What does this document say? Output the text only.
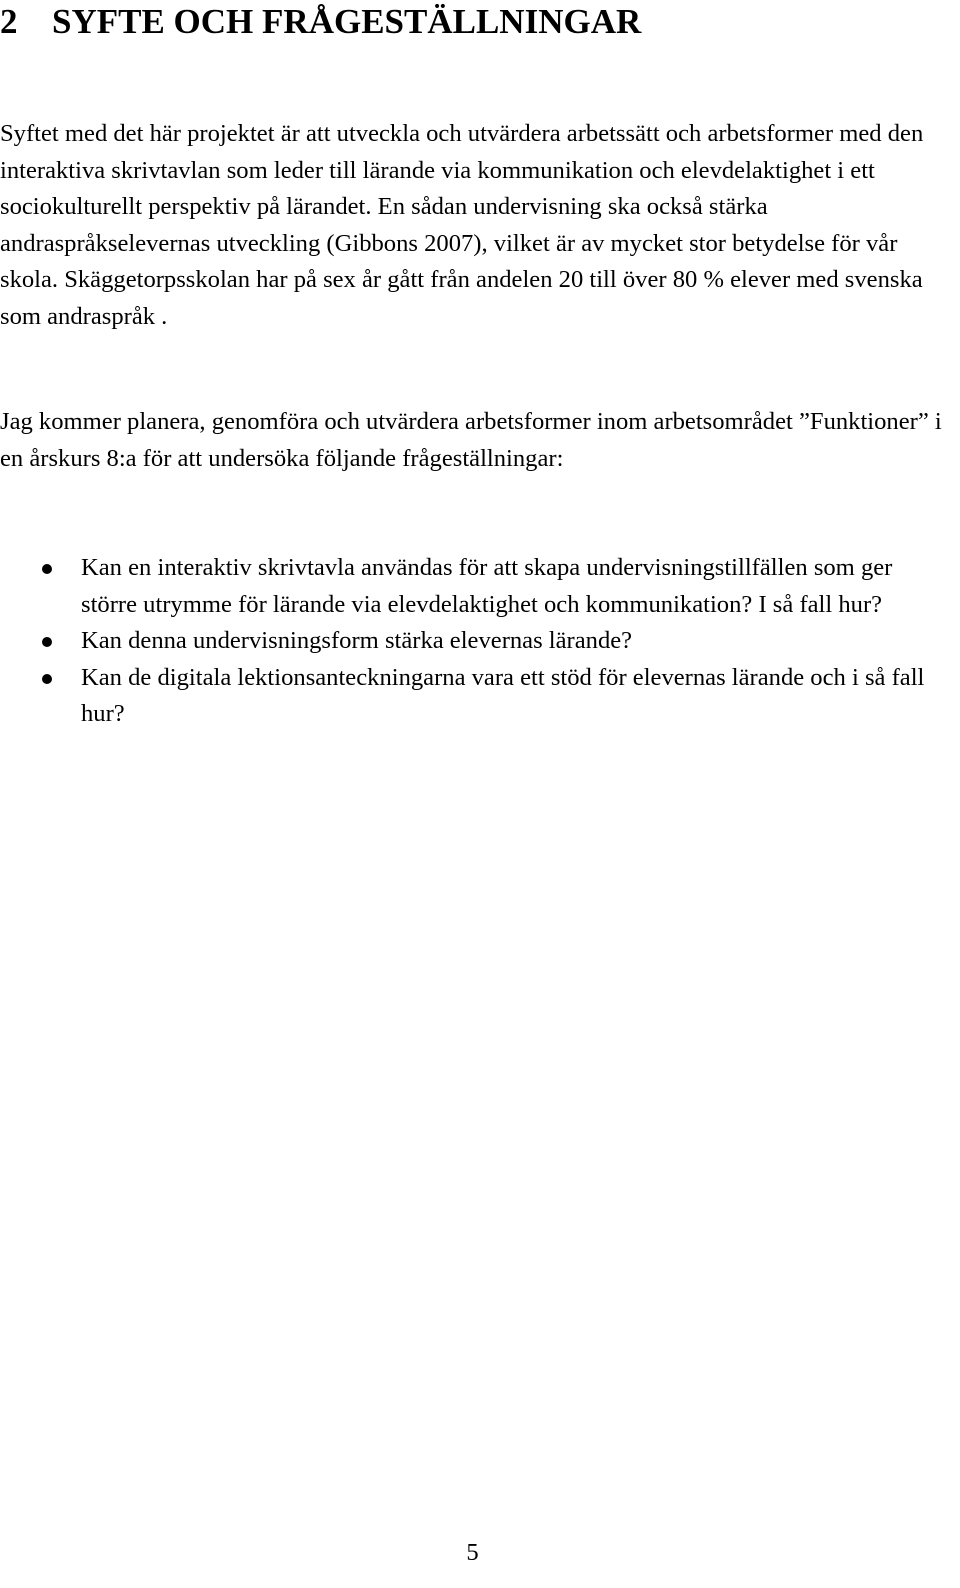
2 SYFTE OCH FRÅGESTÄLLNINGAR

Syftet med det här projektet är att utveckla och utvärdera arbetssätt och arbetsformer med den interaktiva skrivtavlan som leder till lärande via kommunikation och elevdelaktighet i ett sociokulturellt perspektiv på lärandet. En sådan undervisning ska också stärka andraspråkselevernas utveckling (Gibbons 2007), vilket är av mycket stor betydelse för vår skola. Skäggetorpsskolan har på sex år gått från andelen 20 till över 80 % elever med svenska som andraspråk .

Jag kommer planera, genomföra och utvärdera arbetsformer inom arbetsområdet ”Funktioner” i en årskurs 8:a för att undersöka följande frågeställningar:

Kan en interaktiv skrivtavla användas för att skapa undervisningstillfällen som ger större utrymme för lärande via elevdelaktighet och kommunikation? I så fall hur?
Kan denna undervisningsform stärka elevernas lärande?
Kan de digitala lektionsanteckningarna vara ett stöd för elevernas lärande och i så fall hur?
5
